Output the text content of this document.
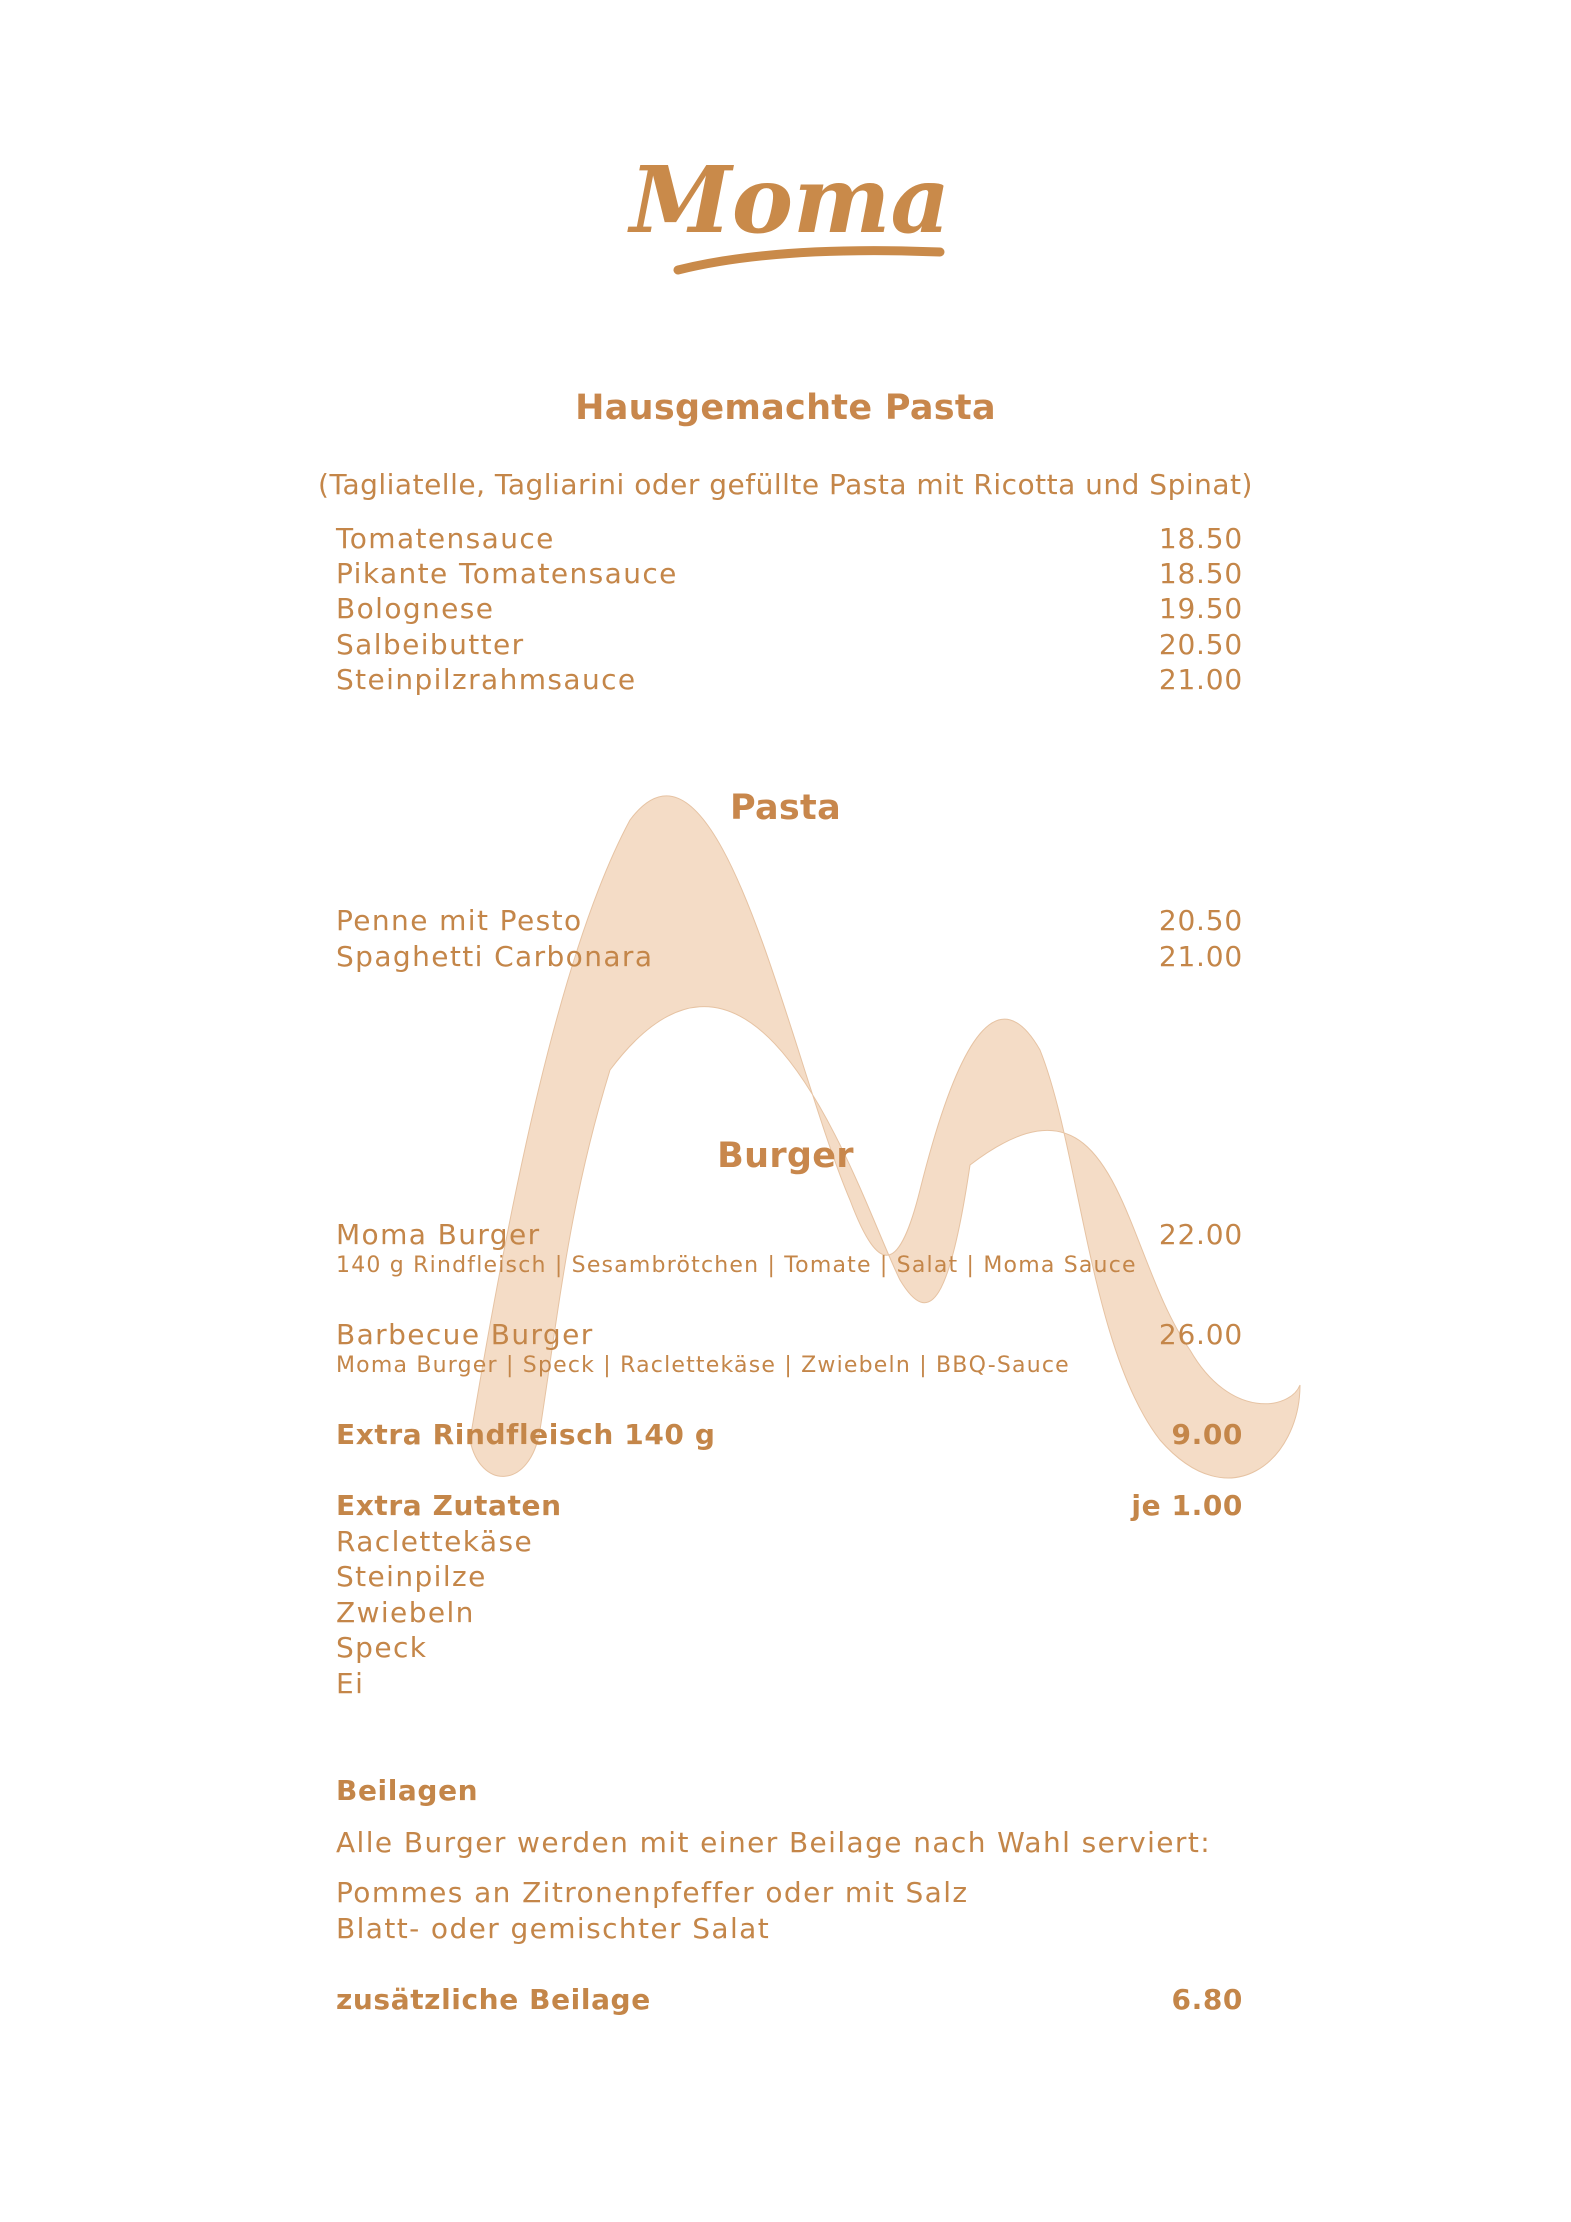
Moma
Hausgemachte Pasta
(Tagliatelle, Tagliarini oder gefüllte Pasta mit Ricotta und Spinat)
Tomatensauce	18.50
Pikante Tomatensauce	18.50
Bolognese	19.50
Salbeibutter	20.50
Steinpilzrahmsauce	21.00
Pasta
Penne mit Pesto	20.50
Spaghetti Carbonara	21.00
Burger
Moma Burger	22.00
140 g Rindfleisch | Sesambrötchen | Tomate | Salat | Moma Sauce
Barbecue Burger	26.00
Moma Burger | Speck | Raclettekäse | Zwiebeln | BBQ-Sauce
Extra Rindfleisch 140 g	9.00
Extra Zutaten	je 1.00
Raclettekäse
Steinpilze
Zwiebeln
Speck
Ei
Beilagen
Alle Burger werden mit einer Beilage nach Wahl serviert:
Pommes an Zitronenpfeffer oder mit Salz
Blatt- oder gemischter Salat
zusätzliche Beilage	6.80
